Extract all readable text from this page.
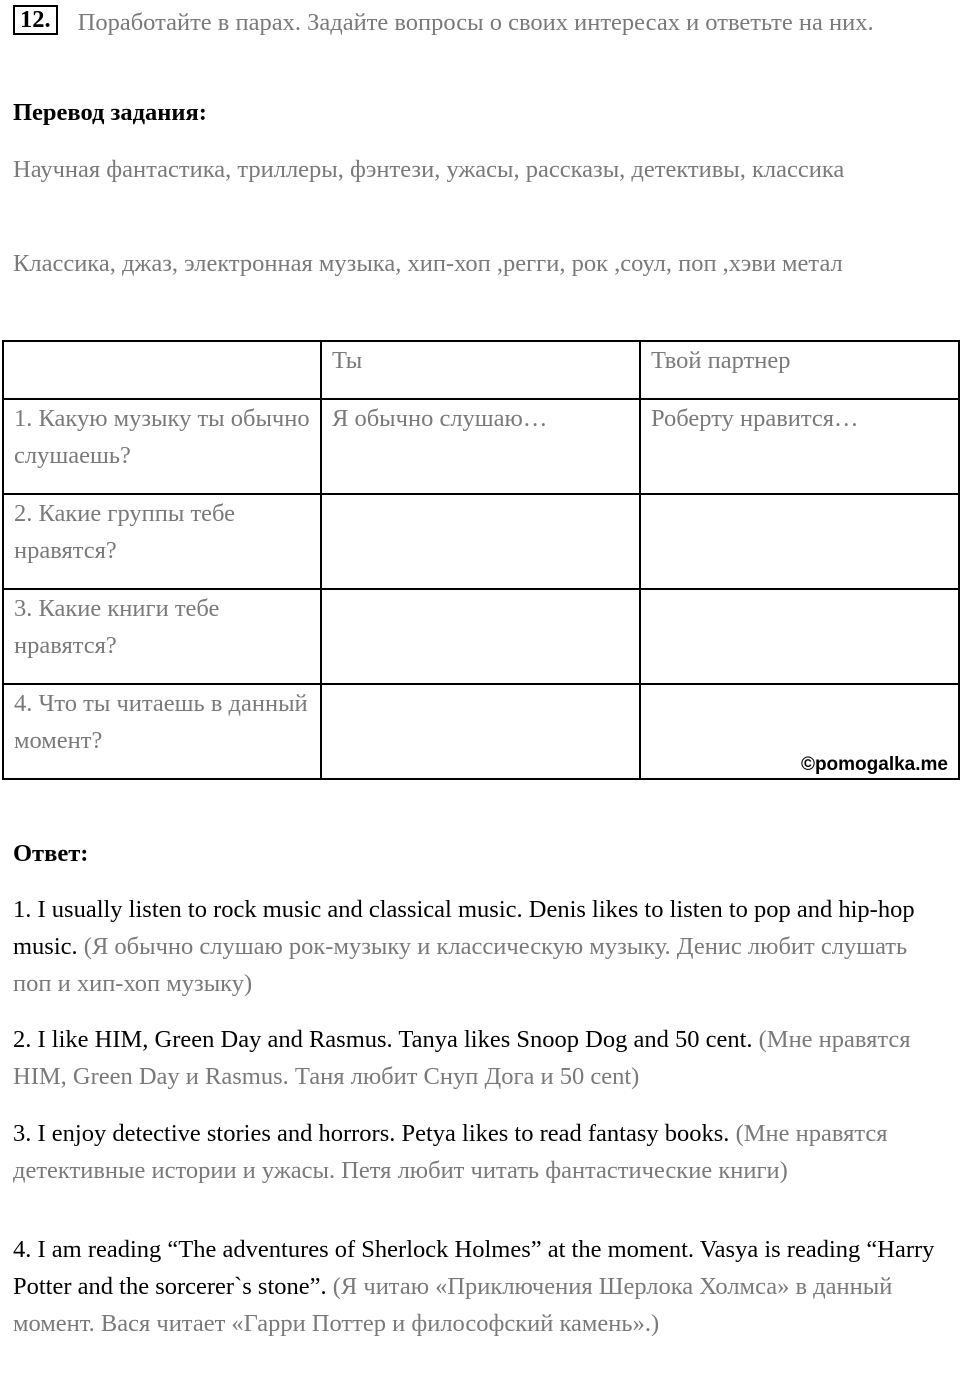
12. Поработайте в парах. Задайте вопросы о своих интересах и ответьте на них.
Перевод задания:
Научная фантастика, триллеры, фэнтези, ужасы, рассказы, детективы, классика
Классика, джаз, электронная музыка, хип-хоп ,регги, рок ,соул, поп ,хэви метал
	Ты	Твой партнер
1. Какую музыку ты обычно слушаешь?	Я обычно слушаю…	Роберту нравится…
2. Какие группы тебе нравятся?		
3. Какие книги тебе нравятся?		
4. Что ты читаешь в данный момент?		©pomogalka.me
Ответ:
1. I usually listen to rock music and classical music. Denis likes to listen to pop and hip-hop music. (Я обычно слушаю рок-музыку и классическую музыку. Денис любит слушать поп и хип-хоп музыку)
2. I like HIM, Green Day and Rasmus. Tanya likes Snoop Dog and 50 cent. (Мне нравятся HIM, Green Day и Rasmus. Таня любит Снуп Дога и 50 cent)
3. I enjoy detective stories and horrors. Petya likes to read fantasy books. (Мне нравятся детективные истории и ужасы. Петя любит читать фантастические книги)
4. I am reading “The adventures of Sherlock Holmes” at the moment. Vasya is reading “Harry Potter and the sorcerer`s stone”. (Я читаю «Приключения Шерлока Холмса» в данный момент. Вася читает «Гарри Поттер и философский камень».)
